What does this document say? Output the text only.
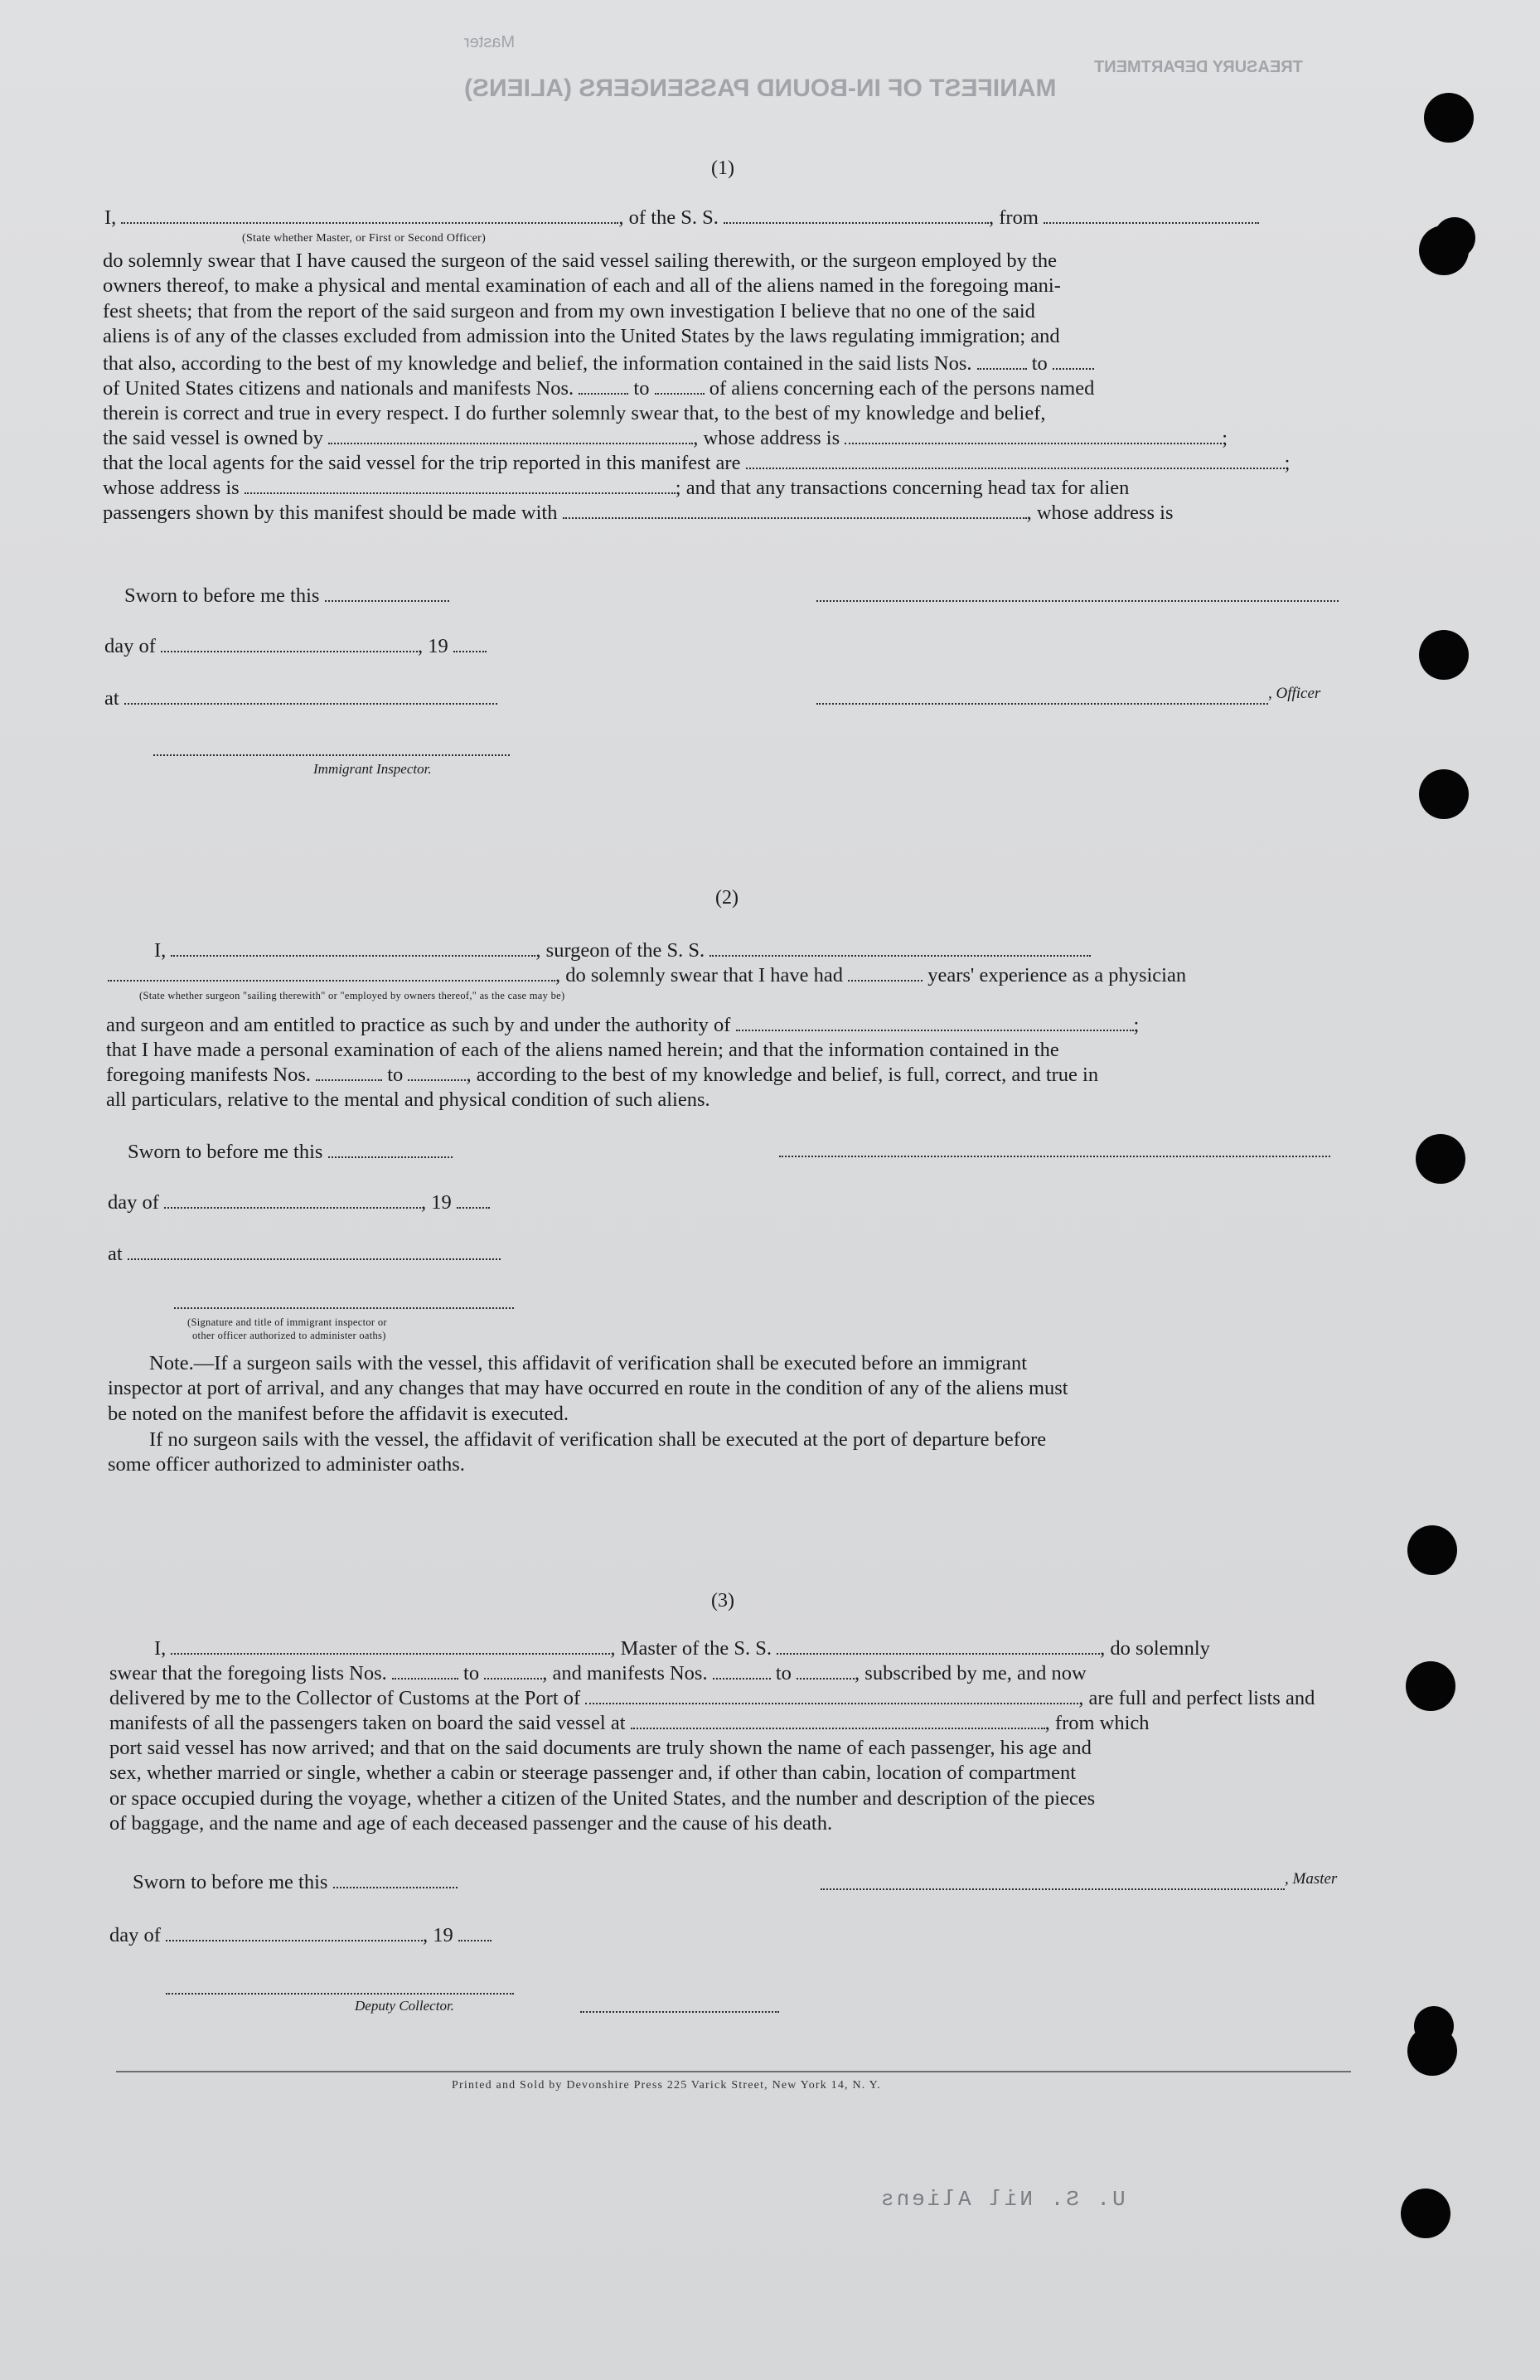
MANIFEST OF IN-BOUND PASSENGERS (ALIENS)
Master
TREASURY DEPARTMENT
(1)
I,	, of the S. S.	, from
(State whether Master, or First or Second Officer)
do solemnly swear that I have caused the surgeon of the said vessel sailing therewith, or the surgeon employed by the
owners thereof, to make a physical and mental examination of each and all of the aliens named in the foregoing mani-
fest sheets; that from the report of the said surgeon and from my own investigation I believe that no one of the said
aliens is of any of the classes excluded from admission into the United States by the laws regulating immigration; and
that also, according to the best of my knowledge and belief, the information contained in the said lists Nos.	to
of United States citizens and nationals and manifests Nos.	to	of aliens concerning each of the persons named
therein is correct and true in every respect. I do further solemnly swear that, to the best of my knowledge and belief,
the said vessel is owned by	, whose address is	;
that the local agents for the said vessel for the trip reported in this manifest are	;
whose address is	; and that any transactions concerning head tax for alien
passengers shown by this manifest should be made with	, whose address is
Sworn to before me this
day of	, 19
at	, Officer
Immigrant Inspector.
(2)
I,	, surgeon of the S. S.
, do solemnly swear that I have had	years' experience as a physician
(State whether surgeon "sailing therewith" or "employed by owners thereof," as the case may be)
and surgeon and am entitled to practice as such by and under the authority of	;
that I have made a personal examination of each of the aliens named herein; and that the information contained in the
foregoing manifests Nos.	to	, according to the best of my knowledge and belief, is full, correct, and true in
all particulars, relative to the mental and physical condition of such aliens.
Sworn to before me this
day of	, 19
at
(Signature and title of immigrant inspector or
other officer authorized to administer oaths)
Note.—If a surgeon sails with the vessel, this affidavit of verification shall be executed before an immigrant
inspector at port of arrival, and any changes that may have occurred en route in the condition of any of the aliens must
be noted on the manifest before the affidavit is executed.
If no surgeon sails with the vessel, the affidavit of verification shall be executed at the port of departure before
some officer authorized to administer oaths.
(3)
I,	, Master of the S. S.	, do solemnly
swear that the foregoing lists Nos.	to	, and manifests Nos.	to	, subscribed by me, and now
delivered by me to the Collector of Customs at the Port of	, are full and perfect lists and
manifests of all the passengers taken on board the said vessel at	, from which
port said vessel has now arrived; and that on the said documents are truly shown the name of each passenger, his age and
sex, whether married or single, whether a cabin or steerage passenger and, if other than cabin, location of compartment
or space occupied during the voyage, whether a citizen of the United States, and the number and description of the pieces
of baggage, and the name and age of each deceased passenger and the cause of his death.
Sworn to before me this	, Master
day of	, 19
Deputy Collector.
Printed and Sold by Devonshire Press 225 Varick Street, New York 14, N. Y.
U. S. Nil Aliens
